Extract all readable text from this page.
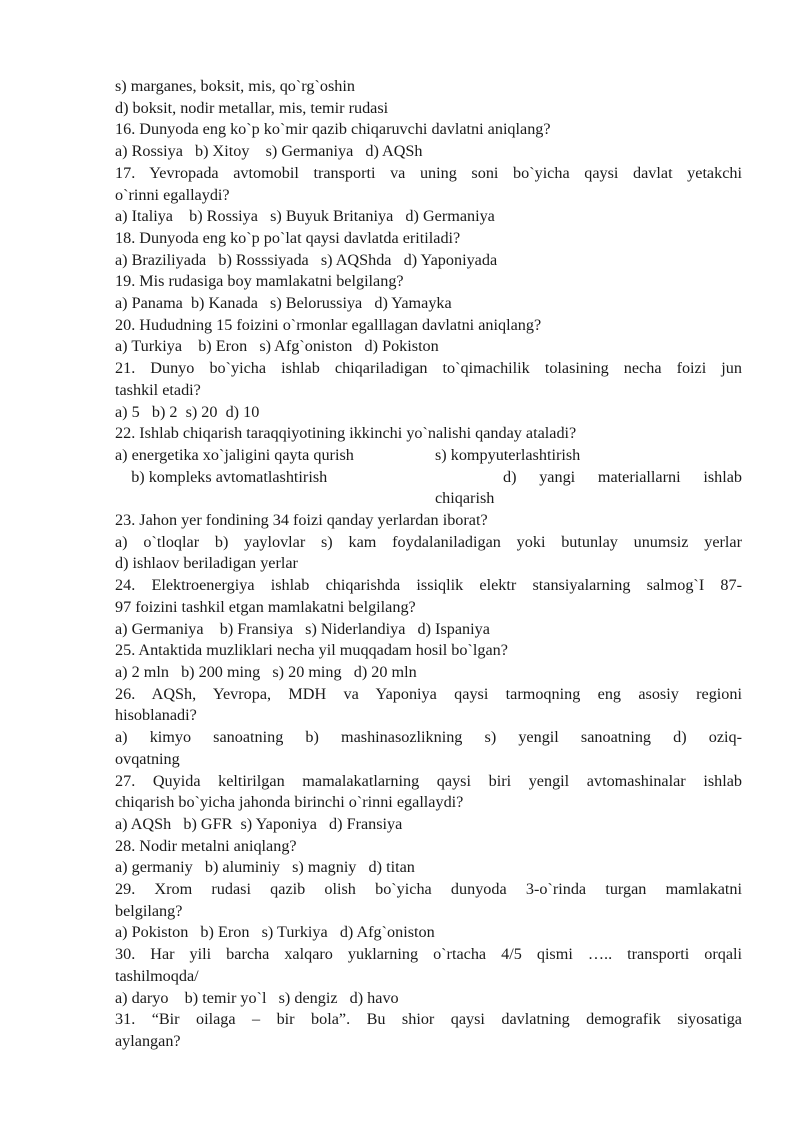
s) marganes, boksit, mis, qo`rg`oshin
d) boksit, nodir metallar, mis, temir rudasi
16. Dunyoda eng ko`p ko`mir qazib chiqaruvchi davlatni aniqlang?
a) Rossiya   b) Xitoy    s) Germaniya   d) AQSh
17. Yevropada avtomobil transporti va uning soni bo`yicha qaysi davlat yetakchi
o`rinni egallaydi?
a) Italiya    b) Rossiya   s) Buyuk Britaniya   d) Germaniya
18. Dunyoda eng ko`p po`lat qaysi davlatda eritiladi?
a) Braziliyada   b) Rosssiyada   s) AQShda   d) Yaponiyada
19. Mis rudasiga boy mamlakatni belgilang?
a) Panama  b) Kanada   s) Belorussiya   d) Yamayka
20. Hududning 15 foizini o`rmonlar egalllagan davlatni aniqlang?
a) Turkiya    b) Eron   s) Afg`oniston   d) Pokiston
21. Dunyo bo`yicha ishlab chiqariladigan to`qimachilik tolasining necha foizi jun
tashkil etadi?
a) 5   b) 2  s) 20  d) 10
22. Ishlab chiqarish taraqqiyotining ikkinchi yo`nalishi qanday ataladi?
a) energetika xo`jaligini qayta qurish	s) kompyuterlashtirish
b) kompleks avtomatlashtirish	d) yangi materiallarni ishlab
chiqarish
23. Jahon yer fondining 34 foizi qanday yerlardan iborat?
a) o`tloqlar b) yaylovlar s) kam foydalaniladigan yoki butunlay unumsiz yerlar
d) ishlaov beriladigan yerlar
24. Elektroenergiya ishlab chiqarishda issiqlik elektr stansiyalarning salmog`I 87-
97 foizini tashkil etgan mamlakatni belgilang?
a) Germaniya    b) Fransiya   s) Niderlandiya   d) Ispaniya
25. Antaktida muzliklari necha yil muqqadam hosil bo`lgan?
a) 2 mln   b) 200 ming   s) 20 ming   d) 20 mln
26. AQSh, Yevropa, MDH va Yaponiya qaysi tarmoqning eng asosiy regioni
hisoblanadi?
a) kimyo sanoatning b) mashinasozlikning s) yengil sanoatning d) oziq-
ovqatning
27. Quyida keltirilgan mamalakatlarning qaysi biri yengil avtomashinalar ishlab
chiqarish bo`yicha jahonda birinchi o`rinni egallaydi?
a) AQSh   b) GFR  s) Yaponiya   d) Fransiya
28. Nodir metalni aniqlang?
a) germaniy   b) aluminiy   s) magniy   d) titan
29. Xrom rudasi qazib olish bo`yicha dunyoda 3-o`rinda turgan mamlakatni
belgilang?
a) Pokiston   b) Eron   s) Turkiya   d) Afg`oniston
30. Har yili barcha xalqaro yuklarning o`rtacha 4/5 qismi ….. transporti orqali
tashilmoqda/
a) daryo    b) temir yo`l   s) dengiz   d) havo
31. “Bir oilaga – bir bola”. Bu shior qaysi davlatning demografik siyosatiga
aylangan?
